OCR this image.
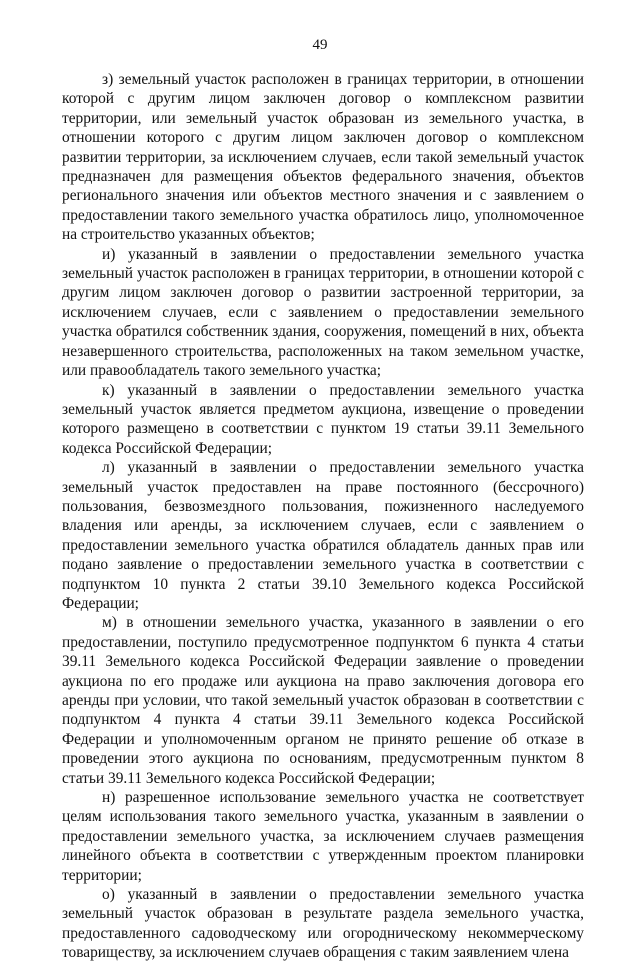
49

з) земельный участок расположен в границах территории, в отношении которой с другим лицом заключен договор о комплексном развитии территории, или земельный участок образован из земельного участка, в отношении которого с другим лицом заключен договор о комплексном развитии территории, за исключением случаев, если такой земельный участок предназначен для размещения объектов федерального значения, объектов регионального значения или объектов местного значения и с заявлением о предоставлении такого земельного участка обратилось лицо, уполномоченное на строительство указанных объектов;

и) указанный в заявлении о предоставлении земельного участка земельный участок расположен в границах территории, в отношении которой с другим лицом заключен договор о развитии застроенной территории, за исключением случаев, если с заявлением о предоставлении земельного участка обратился собственник здания, сооружения, помещений в них, объекта незавершенного строительства, расположенных на таком земельном участке, или правообладатель такого земельного участка;

к) указанный в заявлении о предоставлении земельного участка земельный участок является предметом аукциона, извещение о проведении которого размещено в соответствии с пунктом 19 статьи 39.11 Земельного кодекса Российской Федерации;

л) указанный в заявлении о предоставлении земельного участка земельный участок предоставлен на праве постоянного (бессрочного) пользования, безвозмездного пользования, пожизненного наследуемого владения или аренды, за исключением случаев, если с заявлением о предоставлении земельного участка обратился обладатель данных прав или подано заявление о предоставлении земельного участка в соответствии с подпунктом 10 пункта 2 статьи 39.10 Земельного кодекса Российской Федерации;

м) в отношении земельного участка, указанного в заявлении о его предоставлении, поступило предусмотренное подпунктом 6 пункта 4 статьи 39.11 Земельного кодекса Российской Федерации заявление о проведении аукциона по его продаже или аукциона на право заключения договора его аренды при условии, что такой земельный участок образован в соответствии с подпунктом 4 пункта 4 статьи 39.11 Земельного кодекса Российской Федерации и уполномоченным органом не принято решение об отказе в проведении этого аукциона по основаниям, предусмотренным пунктом 8 статьи 39.11 Земельного кодекса Российской Федерации;

н) разрешенное использование земельного участка не соответствует целям использования такого земельного участка, указанным в заявлении о предоставлении земельного участка, за исключением случаев размещения линейного объекта в соответствии с утвержденным проектом планировки территории;

о) указанный в заявлении о предоставлении земельного участка земельный участок образован в результате раздела земельного участка, предоставленного садоводческому или огородническому некоммерческому товариществу, за исключением случаев обращения с таким заявлением члена
